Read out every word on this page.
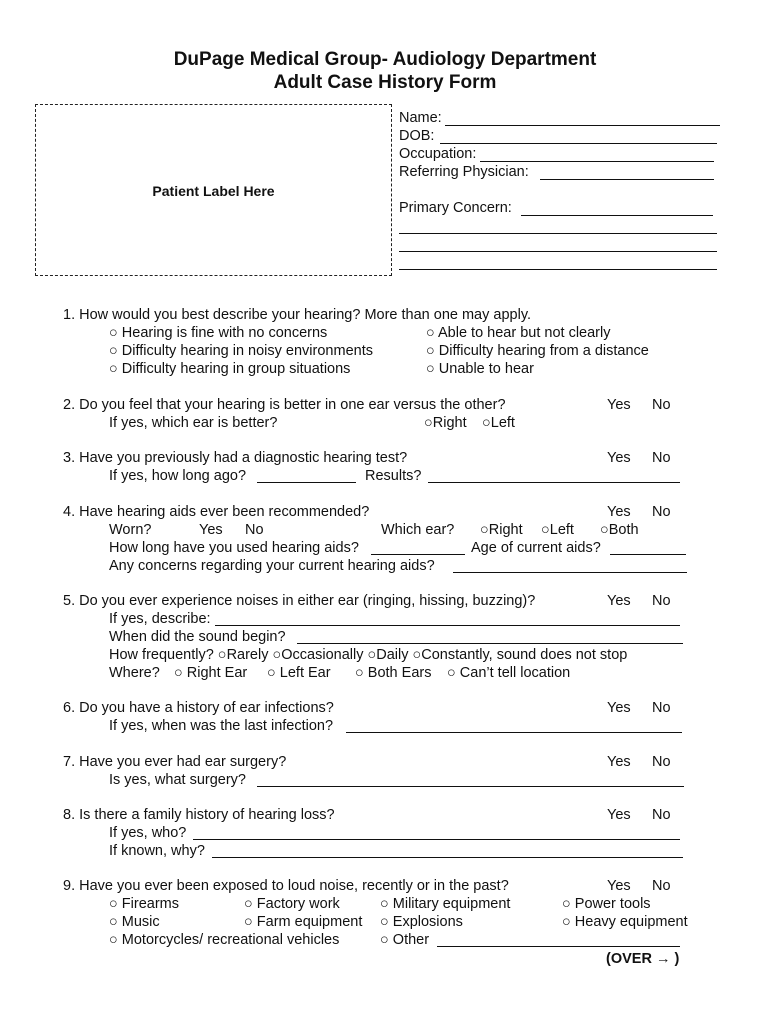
DuPage Medical Group- Audiology Department
Adult Case History Form
Patient Label Here
Name:
DOB:
Occupation:
Referring Physician:
Primary Concern:
1. How would you best describe your hearing? More than one may apply.
○ Hearing is fine with no concerns	○ Able to hear but not clearly
○ Difficulty hearing in noisy environments	○ Difficulty hearing from a distance
○ Difficulty hearing in group situations	○ Unable to hear
2. Do you feel that your hearing is better in one ear versus the other?	Yes No
If yes, which ear is better?	○Right ○Left
3. Have you previously had a diagnostic hearing test?	Yes No
If yes, how long ago?	Results?
4. Have hearing aids ever been recommended?	Yes No
Worn?	Yes No	Which ear? ○Right ○Left ○Both
How long have you used hearing aids?	Age of current aids?
Any concerns regarding your current hearing aids?
5. Do you ever experience noises in either ear (ringing, hissing, buzzing)?	Yes No
If yes, describe:
When did the sound begin?
How frequently? ○Rarely ○Occasionally ○Daily ○Constantly, sound does not stop
Where? ○ Right Ear ○ Left Ear ○ Both Ears ○ Can’t tell location
6. Do you have a history of ear infections?	Yes No
If yes, when was the last infection?
7. Have you ever had ear surgery?	Yes No
Is yes, what surgery?
8. Is there a family history of hearing loss?	Yes No
If yes, who?
If known, why?
9. Have you ever been exposed to loud noise, recently or in the past?	Yes No
○ Firearms	○ Factory work	○ Military equipment	○ Power tools
○ Music	○ Farm equipment ○ Explosions	○ Heavy equipment
○ Motorcycles/ recreational vehicles	○ Other
(OVER → )
